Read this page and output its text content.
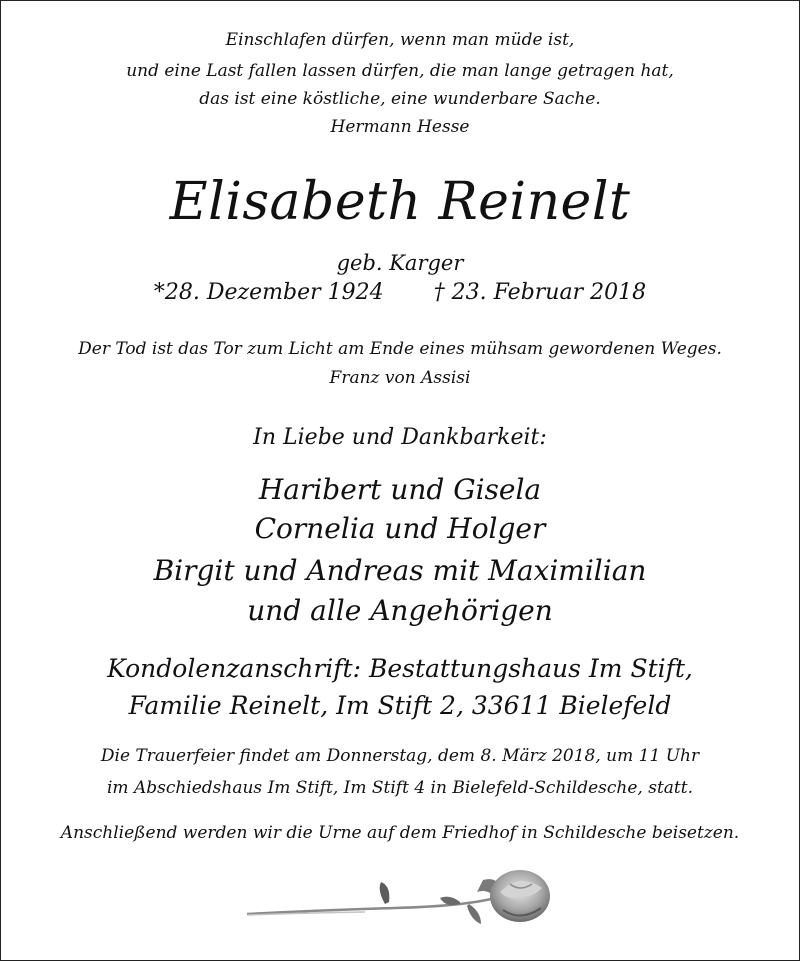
Einschlafen dürfen, wenn man müde ist,
und eine Last fallen lassen dürfen, die man lange getragen hat,
das ist eine köstliche, eine wunderbare Sache.
Hermann Hesse
Elisabeth Reinelt
geb. Karger
*28. Dezember 1924 † 23. Februar 2018
Der Tod ist das Tor zum Licht am Ende eines mühsam gewordenen Weges.
Franz von Assisi
In Liebe und Dankbarkeit:
Haribert und Gisela
Cornelia und Holger
Birgit und Andreas mit Maximilian
und alle Angehörigen
Kondolenzanschrift: Bestattungshaus Im Stift,
Familie Reinelt, Im Stift 2, 33611 Bielefeld
Die Trauerfeier findet am Donnerstag, dem 8. März 2018, um 11 Uhr
im Abschiedshaus Im Stift, Im Stift 4 in Bielefeld-Schildesche, statt.
Anschließend werden wir die Urne auf dem Friedhof in Schildesche beisetzen.
